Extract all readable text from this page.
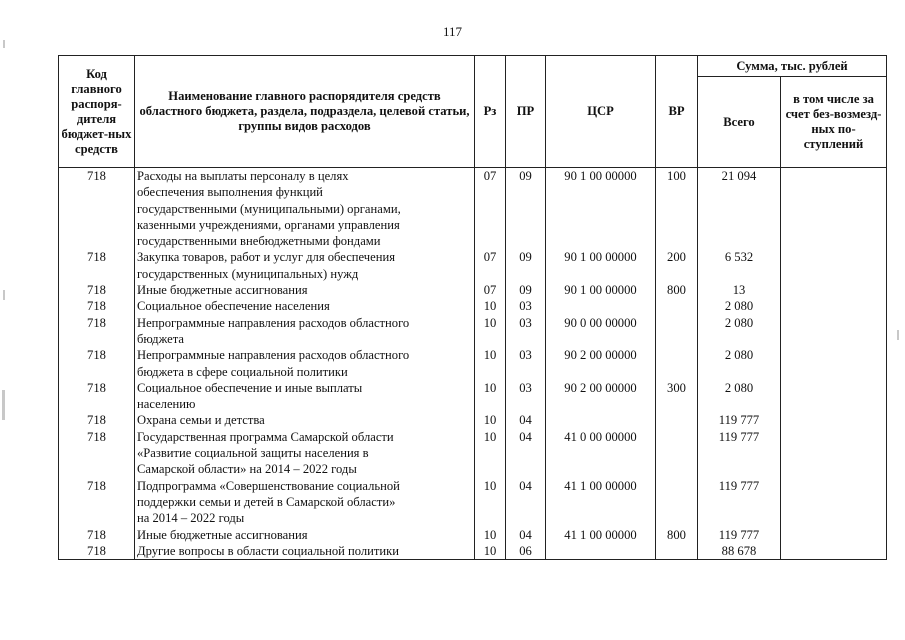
117
Код главного распоря-дителя бюджет-ных средств	Наименование главного распорядителя средств областного бюджета, раздела, подраздела, целевой статьи, группы видов расходов	Рз	ПР	ЦСР	ВР	Сумма, тыс. рублей	
						Всего	в том числе за счет без-возмезд-ных по-ступлений
718	Расходы на выплаты персоналу в целях
обеспечения выполнения функций
государственными (муниципальными) органами,
казенными учреждениями, органами управления
государственными внебюджетными фондами	07	09	90 1 00 00000	100	21 094	
718	Закупка товаров, работ и услуг для обеспечения
государственных (муниципальных) нужд	07	09	90 1 00 00000	200	6 532	
718	Иные бюджетные ассигнования	07	09	90 1 00 00000	800	13	
718	Социальное обеспечение населения	10	03			2 080	
718	Непрограммные направления расходов областного
бюджета	10	03	90 0 00 00000		2 080	
718	Непрограммные направления расходов областного
бюджета в сфере социальной политики	10	03	90 2 00 00000		2 080	
718	Социальное обеспечение и иные выплаты
населению	10	03	90 2 00 00000	300	2 080	
718	Охрана семьи и детства	10	04			119 777	
718	Государственная программа Самарской области
«Развитие социальной защиты населения в
Самарской области» на 2014 – 2022 годы	10	04	41 0 00 00000		119 777	
718	Подпрограмма «Совершенствование социальной
поддержки семьи и детей в Самарской области»
на 2014 – 2022 годы	10	04	41 1 00 00000		119 777	
718	Иные бюджетные ассигнования	10	04	41 1 00 00000	800	119 777	
718	Другие вопросы в области социальной политики	10	06			88 678	
